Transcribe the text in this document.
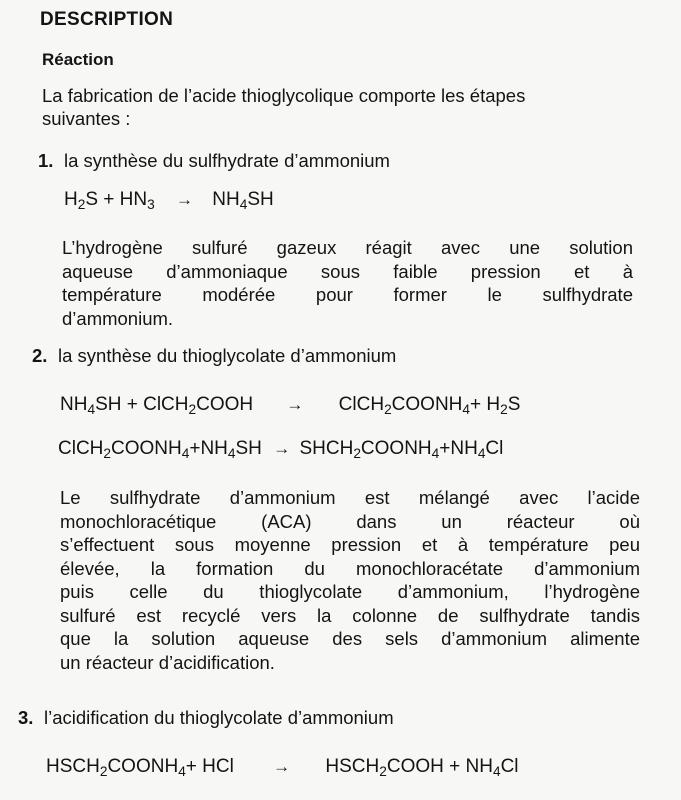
DESCRIPTION
Réaction
La fabrication de l’acide thioglycolique comporte les étapes
suivantes :
1. la synthèse du sulfhydrate d’ammonium
$H_2S + HN_3 \to NH_4SH$
L’hydrogène sulfuré gazeux réagit avec une solution
aqueuse d’ammoniaque sous faible pression et à
température modérée pour former le sulfhydrate
d’ammonium.
2. la synthèse du thioglycolate d’ammonium
$NH_4SH$ + ClCH$_2$COOH → $ClCH_2COONH_4+ H_2S$
$ClCH_2COONH_4+NH_4SH$ → $SHCH_2COONH_4+NH_4Cl$
Le sulfhydrate d’ammonium est mélangé avec l’acide
monochloracétique (ACA) dans un réacteur où
s’effectuent sous moyenne pression et à température peu
élevée, la formation du monochloracétate d’ammonium
puis celle du thioglycolate d’ammonium, l’hydrogène
sulfuré est recyclé vers la colonne de sulfhydrate tandis
que la solution aqueuse des sels d’ammonium alimente
un réacteur d’acidification.
3. l’acidification du thioglycolate d’ammonium
$HSCH_2COONH_4+$ HCl → $HSCH_2COOH + NH_4Cl$
